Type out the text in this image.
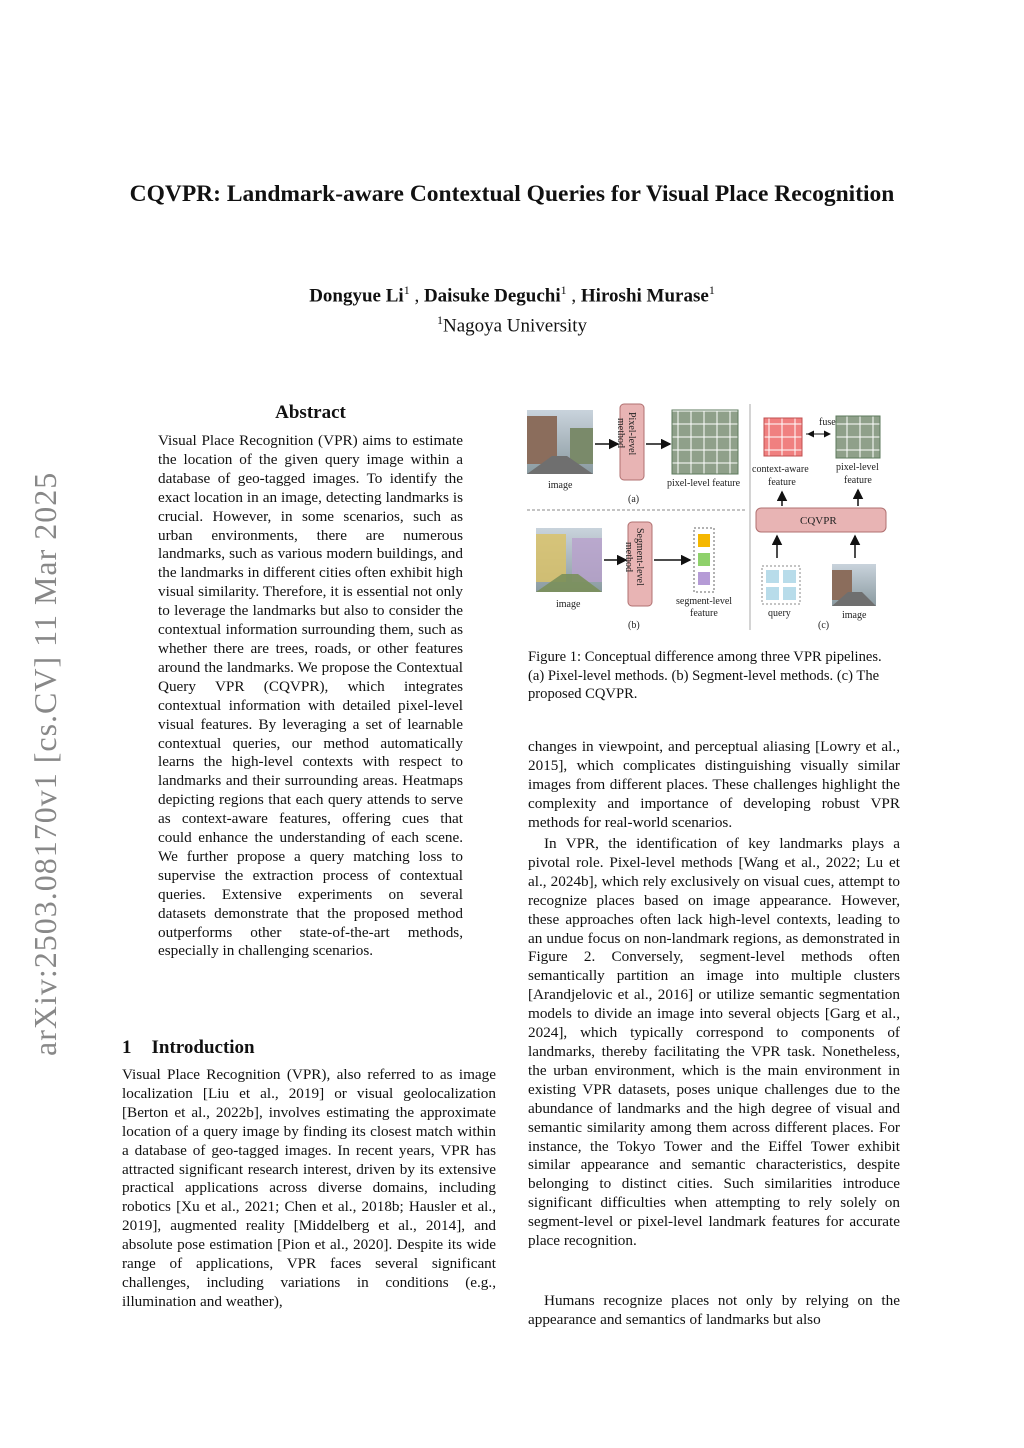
arXiv:2503.08170v1 [cs.CV] 11 Mar 2025
CQVPR: Landmark-aware Contextual Queries for Visual Place Recognition
Dongyue Li$^1$ , Daisuke Deguchi$^1$ , Hiroshi Murase$^1$
$^1$Nagoya University
Abstract
Visual Place Recognition (VPR) aims to estimate the location of the given query image within a database of geo-tagged images. To identify the exact location in an image, detecting landmarks is crucial. However, in some scenarios, such as urban environments, there are numerous landmarks, such as various modern buildings, and the landmarks in different cities often exhibit high visual similarity. Therefore, it is essential not only to leverage the landmarks but also to consider the contextual information surrounding them, such as whether there are trees, roads, or other features around the landmarks. We propose the Contextual Query VPR (CQVPR), which integrates contextual information with detailed pixel-level visual features. By leveraging a set of learnable contextual queries, our method automatically learns the high-level contexts with respect to landmarks and their surrounding areas. Heatmaps depicting regions that each query attends to serve as context-aware features, offering cues that could enhance the understanding of each scene. We further propose a query matching loss to supervise the extraction process of contextual queries. Extensive experiments on several datasets demonstrate that the proposed method outperforms other state-of-the-art methods, especially in challenging scenarios.
1 Introduction
Visual Place Recognition (VPR), also referred to as image localization [Liu et al., 2019] or visual geolocalization [Berton et al., 2022b], involves estimating the approximate location of a query image by finding its closest match within a database of geo-tagged images. In recent years, VPR has attracted significant research interest, driven by its extensive practical applications across diverse domains, including robotics [Xu et al., 2021; Chen et al., 2018b; Hausler et al., 2019], augmented reality [Middelberg et al., 2014], and absolute pose estimation [Pion et al., 2020]. Despite its wide range of applications, VPR faces several significant challenges, including variations in conditions (e.g., illumination and weather),
image
Pixel-level
method
pixel-level feature
(a)
image
Segment-level
method
segment-level
feature
(b)
fuse
context-aware
feature
pixel-level
feature
CQVPR
query	image
(c)
Figure 1: Conceptual difference among three VPR pipelines. (a) Pixel-level methods. (b) Segment-level methods. (c) The proposed CQVPR.
changes in viewpoint, and perceptual aliasing [Lowry et al., 2015], which complicates distinguishing visually similar images from different places. These challenges highlight the complexity and importance of developing robust VPR methods for real-world scenarios.
In VPR, the identification of key landmarks plays a pivotal role. Pixel-level methods [Wang et al., 2022; Lu et al., 2024b], which rely exclusively on visual cues, attempt to recognize places based on image appearance. However, these approaches often lack high-level contexts, leading to an undue focus on non-landmark regions, as demonstrated in Figure 2. Conversely, segment-level methods often semantically partition an image into multiple clusters [Arandjelovic et al., 2016] or utilize semantic segmentation models to divide an image into several objects [Garg et al., 2024], which typically correspond to components of landmarks, thereby facilitating the VPR task. Nonetheless, the urban environment, which is the main environment in existing VPR datasets, poses unique challenges due to the abundance of landmarks and the high degree of visual and semantic similarity among them across different places. For instance, the Tokyo Tower and the Eiffel Tower exhibit similar appearance and semantic characteristics, despite belonging to distinct cities. Such similarities introduce significant difficulties when attempting to rely solely on segment-level or pixel-level landmark features for accurate place recognition.
Humans recognize places not only by relying on the appearance and semantics of landmarks but also
